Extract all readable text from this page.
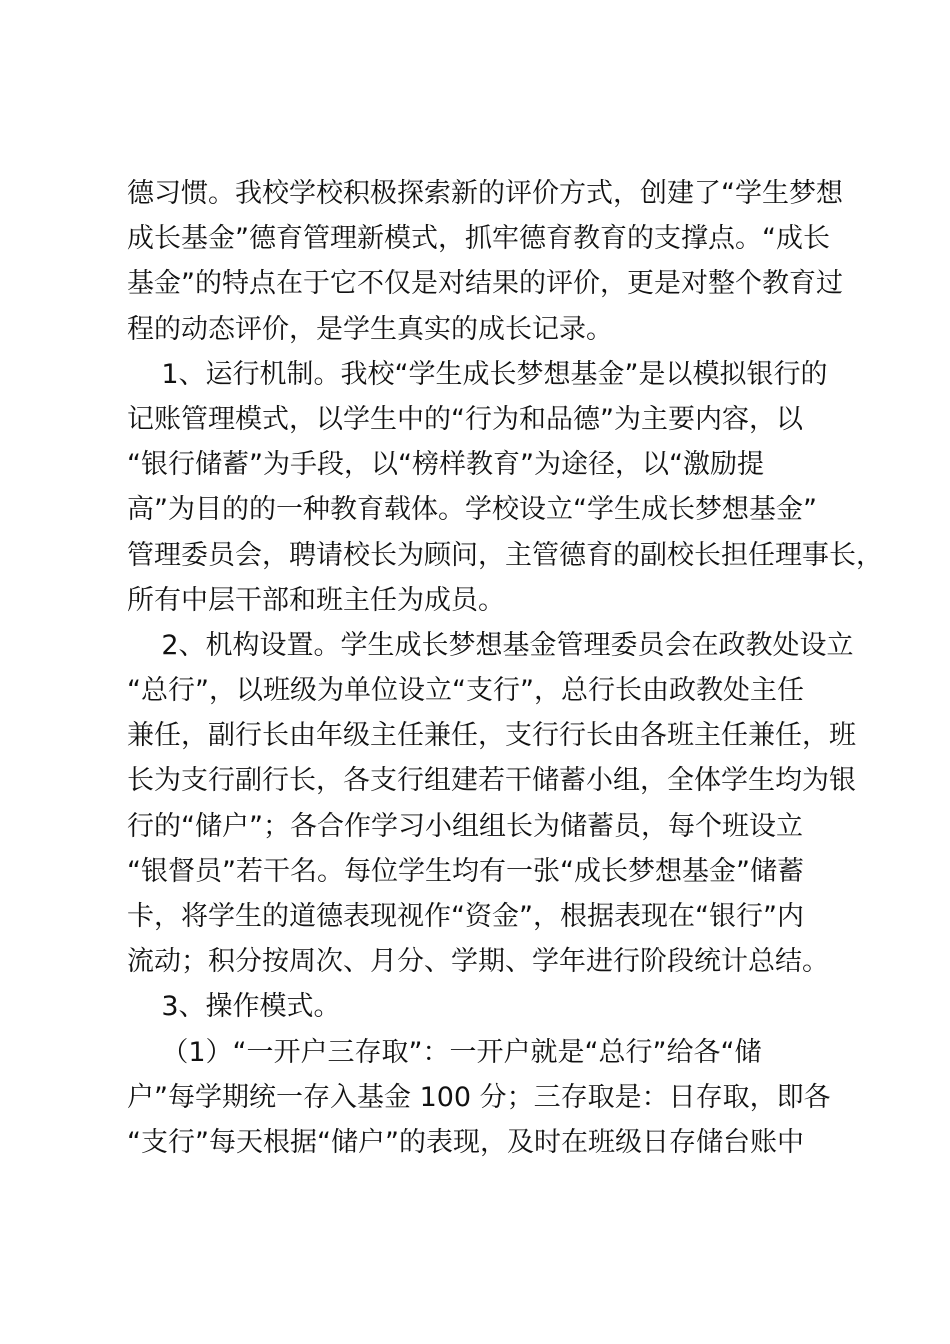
德习惯。我校学校积极探索新的评价方式，创建了“学生梦想
成长基金”德育管理新模式，抓牢德育教育的支撑点。“成长
基金”的特点在于它不仅是对结果的评价，更是对整个教育过
程的动态评价，是学生真实的成长记录。
1、运行机制。我校“学生成长梦想基金”是以模拟银行的
记账管理模式，以学生中的“行为和品德”为主要内容，以
“银行储蓄”为手段，以“榜样教育”为途径，以“激励提
高”为目的的一种教育载体。学校设立“学生成长梦想基金”
管理委员会，聘请校长为顾问，主管德育的副校长担任理事长，
所有中层干部和班主任为成员。
2、机构设置。学生成长梦想基金管理委员会在政教处设立
“总行”，以班级为单位设立“支行”，总行长由政教处主任
兼任，副行长由年级主任兼任，支行行长由各班主任兼任，班
长为支行副行长，各支行组建若干储蓄小组，全体学生均为银
行的“储户”；各合作学习小组组长为储蓄员，每个班设立
“银督员”若干名。每位学生均有一张“成长梦想基金”储蓄
卡，将学生的道德表现视作“资金”，根据表现在“银行”内
流动；积分按周次、月分、学期、学年进行阶段统计总结。
3、操作模式。
（1）“一开户三存取”：一开户就是“总行”给各“储
户”每学期统一存入基金 100 分；三存取是：日存取，即各
“支行”每天根据“储户”的表现，及时在班级日存储台账中
